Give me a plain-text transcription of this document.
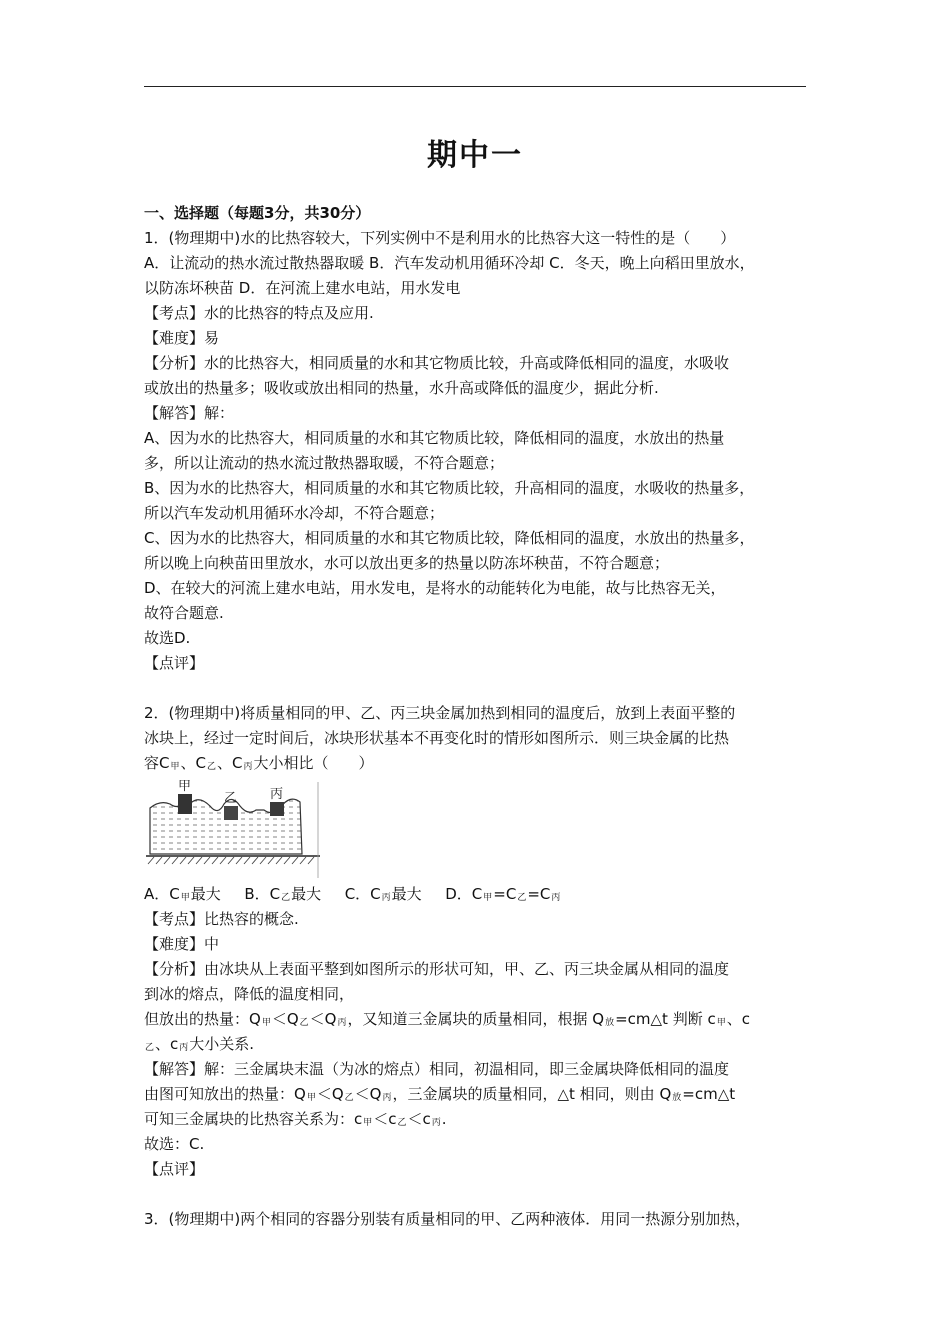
期中一
一、选择题（每题3分，共30分）
1．(物理期中)水的比热容较大，下列实例中不是利用水的比热容大这一特性的是（　　）
A．让流动的热水流过散热器取暖 B．汽车发动机用循环冷却 C．冬天，晚上向稻田里放水，
以防冻坏秧苗 D．在河流上建水电站，用水发电
【考点】水的比热容的特点及应用.
【难度】易
【分析】水的比热容大，相同质量的水和其它物质比较，升高或降低相同的温度，水吸收
或放出的热量多；吸收或放出相同的热量，水升高或降低的温度少，据此分析.
【解答】解：
A、因为水的比热容大，相同质量的水和其它物质比较，降低相同的温度，水放出的热量
多，所以让流动的热水流过散热器取暖，不符合题意；
B、因为水的比热容大，相同质量的水和其它物质比较，升高相同的温度，水吸收的热量多，
所以汽车发动机用循环水冷却，不符合题意；
C、因为水的比热容大，相同质量的水和其它物质比较，降低相同的温度，水放出的热量多，
所以晚上向秧苗田里放水，水可以放出更多的热量以防冻坏秧苗，不符合题意；
D、在较大的河流上建水电站，用水发电，是将水的动能转化为电能，故与比热容无关，
故符合题意.
故选D.
【点评】
2．(物理期中)将质量相同的甲、乙、丙三块金属加热到相同的温度后，放到上表面平整的
冰块上，经过一定时间后，冰块形状基本不再变化时的情形如图所示．则三块金属的比热
容$C_甲$、$C_乙$、$C_丙$大小相比（　　）
甲
乙	丙
A．$C_甲$最大 B．$C_乙$最大 C．$C_丙$最大 D．$C_甲=C_乙=C_丙$
【考点】比热容的概念.
【难度】中
【分析】由冰块从上表面平整到如图所示的形状可知，甲、乙、丙三块金属从相同的温度
到冰的熔点，降低的温度相同，
但放出的热量：$Q_甲<Q_乙<Q_丙$，又知道三金属块的质量相同，根据 $Q_放=cm\triangle t$ 判断 $c_甲$、c
$_乙$、$c_丙$大小关系.
【解答】解：三金属块末温（为冰的熔点）相同，初温相同，即三金属块降低相同的温度
由图可知放出的热量：$Q_甲<Q_乙<Q_丙$，三金属块的质量相同，△t 相同，则由 $Q_放=cm\triangle t$
可知三金属块的比热容关系为：$c_甲<c_乙<c_丙$.
故选：C.
【点评】
3．(物理期中)两个相同的容器分别装有质量相同的甲、乙两种液体．用同一热源分别加热，
